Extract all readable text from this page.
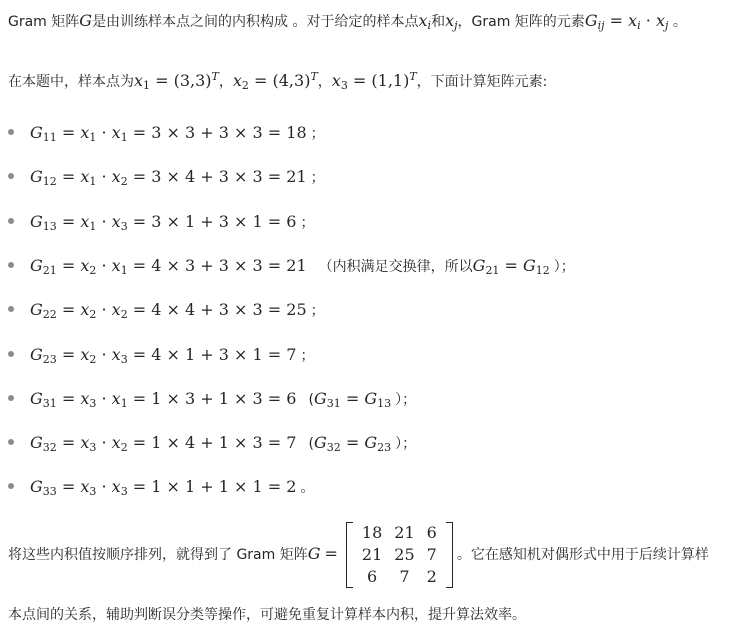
Gram 矩阵G是由训练样本点之间的内积构成 。对于给定的样本点$x_i$和$x_j$，Gram 矩阵的元素$G_{ij} = x_i \cdot x_j$ 。
在本题中，样本点为$x_1 = (3,3)^T$，$x_2 = (4,3)^T$，$x_3 = (1,1)^T$，下面计算矩阵元素:
$G_{11} = x_1 \cdot x_1 = 3 \times 3 + 3 \times 3 = 18$ ；
$G_{12} = x_1 \cdot x_2 = 3 \times 4 + 3 \times 3 = 21$ ；
$G_{13} = x_1 \cdot x_3 = 3 \times 1 + 3 \times 1 = 6$ ；
$G_{21} = x_2 \cdot x_1 = 4 \times 3 + 3 \times 3 = 21$ （内积满足交换律，所以$G_{21} = G_{12}$ ）；
$G_{22} = x_2 \cdot x_2 = 4 \times 4 + 3 \times 3 = 25$ ；
$G_{23} = x_2 \cdot x_3 = 4 \times 1 + 3 \times 1 = 7$ ；
$G_{31} = x_3 \cdot x_1 = 1 \times 3 + 1 \times 3 = 6$ ($G_{31} = G_{13}$ ）；
$G_{32} = x_3 \cdot x_2 = 1 \times 4 + 1 \times 3 = 7$ ($G_{32} = G_{23}$ ）；
$G_{33} = x_3 \cdot x_3 = 1 \times 1 + 1 \times 1 = 2$ 。
将这些内积值按顺序排列，就得到了 Gram 矩阵G =
18	21	6
21	25	7
6	7	2
。它在感知机对偶形式中用于后续计算样
本点间的关系，辅助判断误分类等操作，可避免重复计算样本内积，提升算法效率。
